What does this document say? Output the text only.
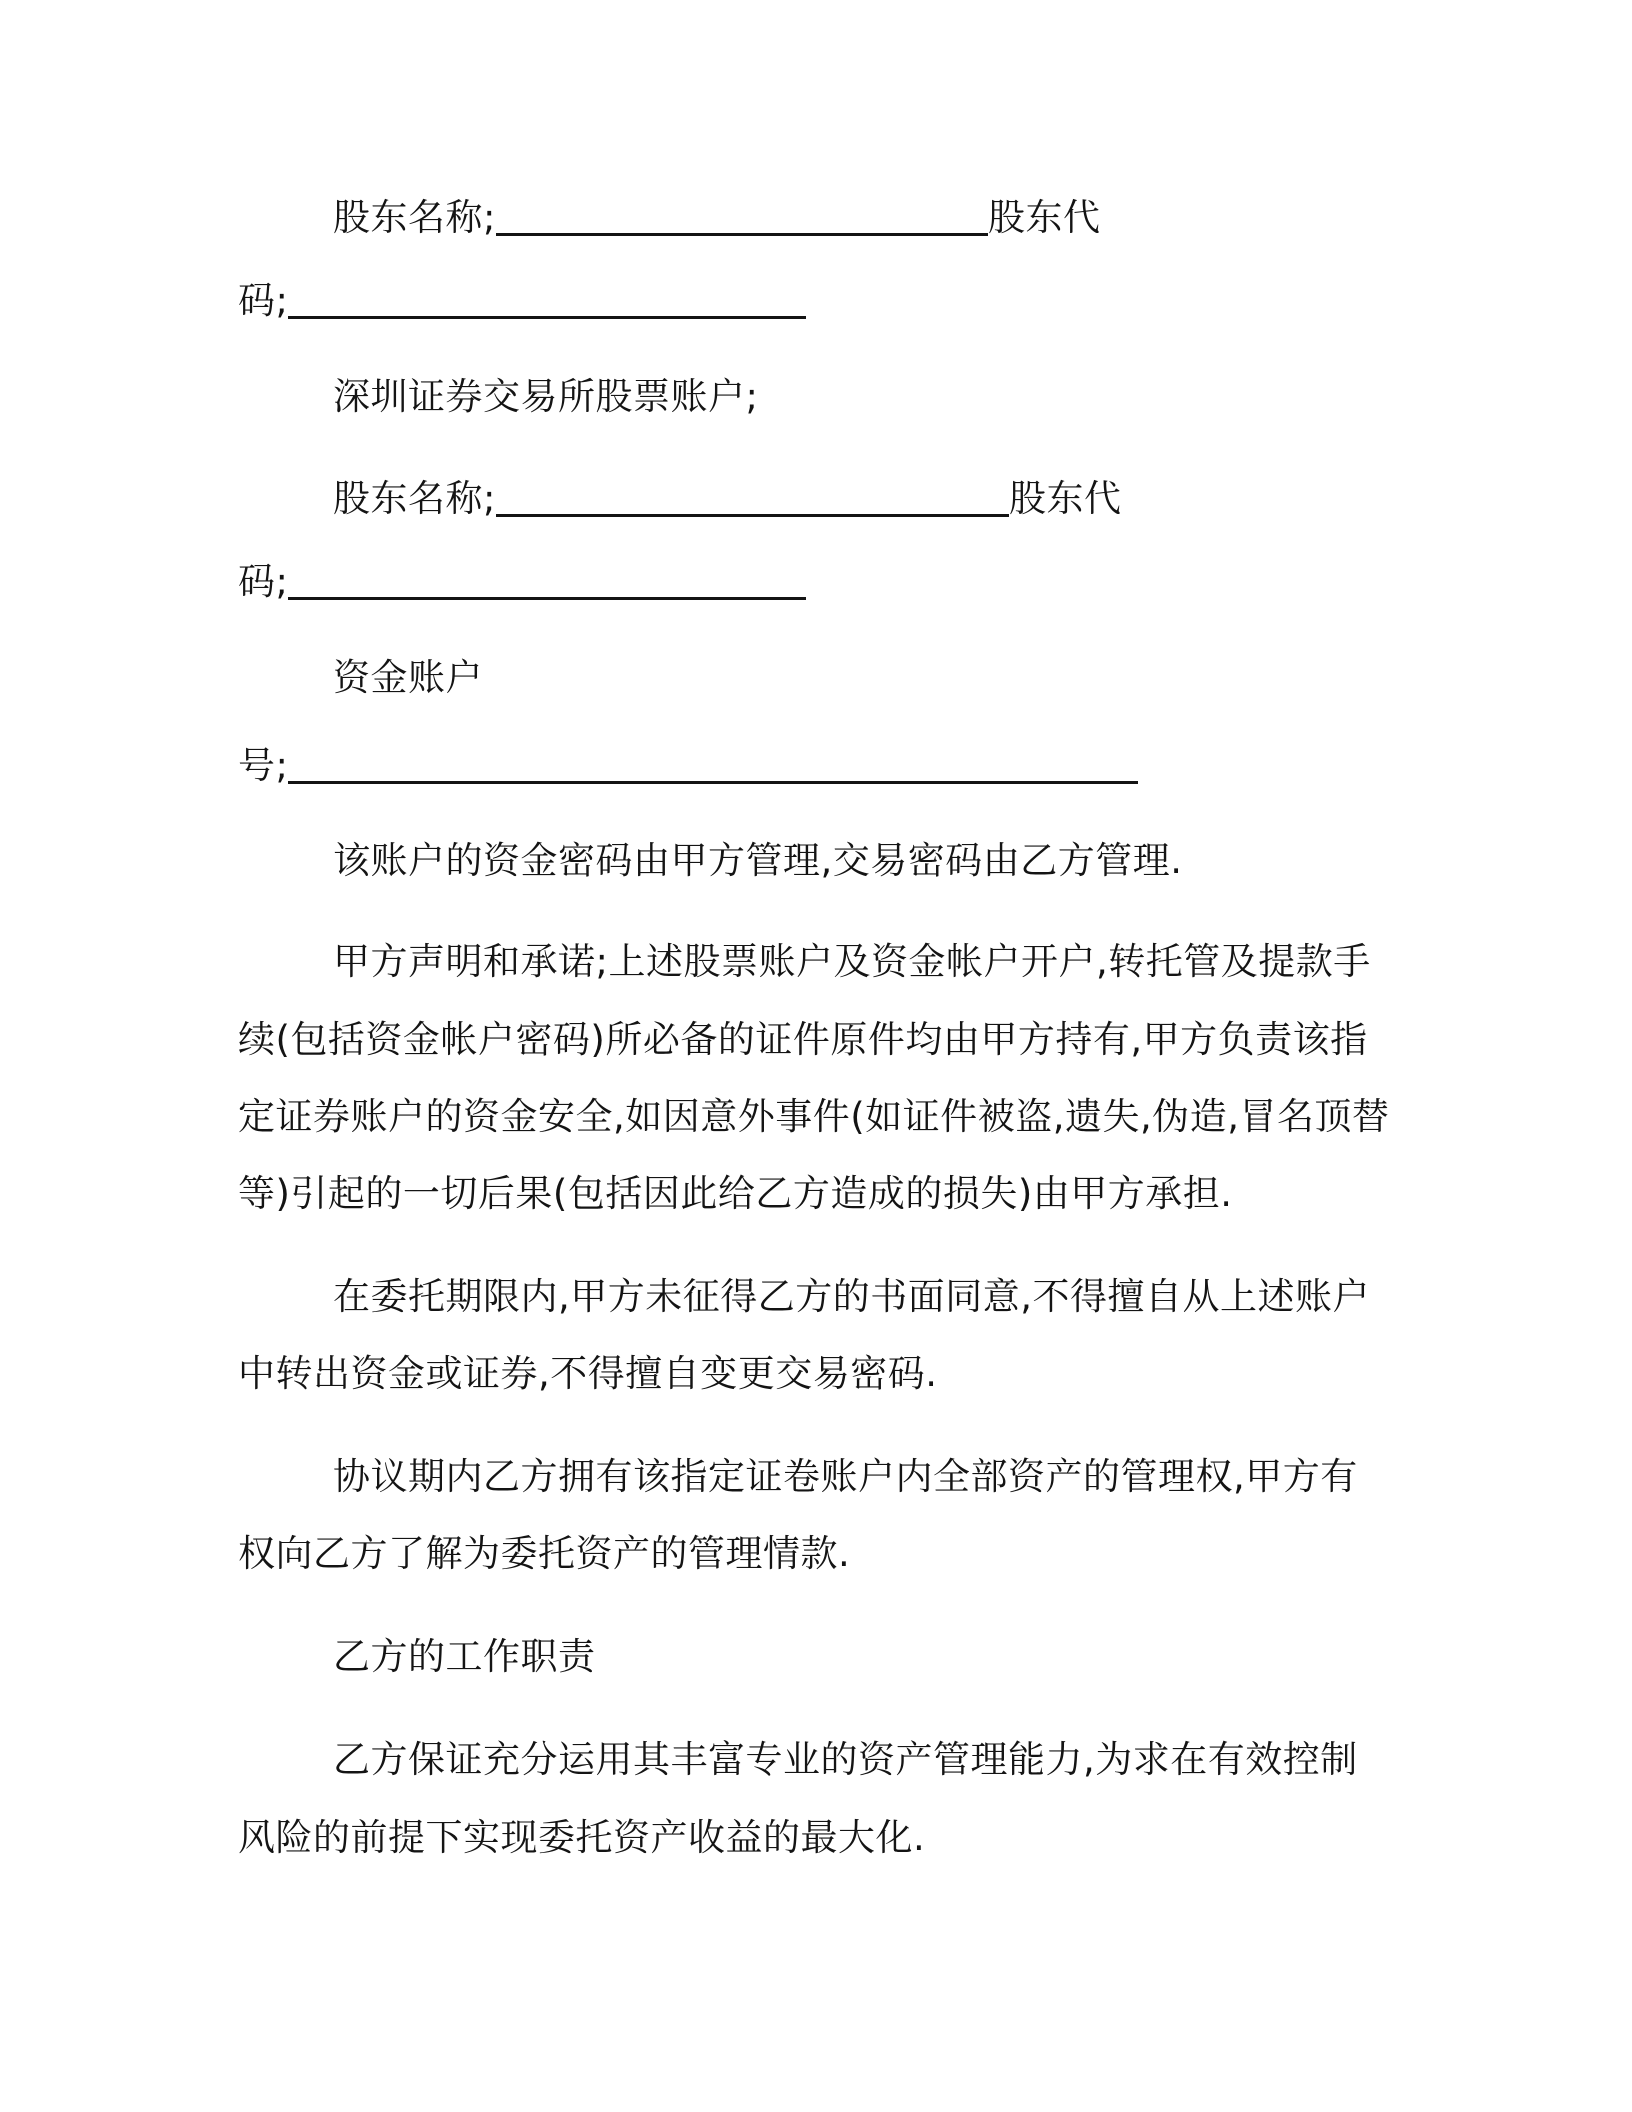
股东名称;	股东代
码;
深圳证券交易所股票账户;
股东名称;	股东代
码;
资金账户
号;
该账户的资金密码由甲方管理,交易密码由乙方管理.
甲方声明和承诺;上述股票账户及资金帐户开户,转托管及提款手
续(包括资金帐户密码)所必备的证件原件均由甲方持有,甲方负责该指
定证券账户的资金安全,如因意外事件(如证件被盗,遗失,伪造,冒名顶替
等)引起的一切后果(包括因此给乙方造成的损失)由甲方承担.
在委托期限内,甲方未征得乙方的书面同意,不得擅自从上述账户
中转出资金或证券,不得擅自变更交易密码.
协议期内乙方拥有该指定证卷账户内全部资产的管理权,甲方有
权向乙方了解为委托资产的管理情款.
乙方的工作职责
乙方保证充分运用其丰富专业的资产管理能力,为求在有效控制
风险的前提下实现委托资产收益的最大化.
